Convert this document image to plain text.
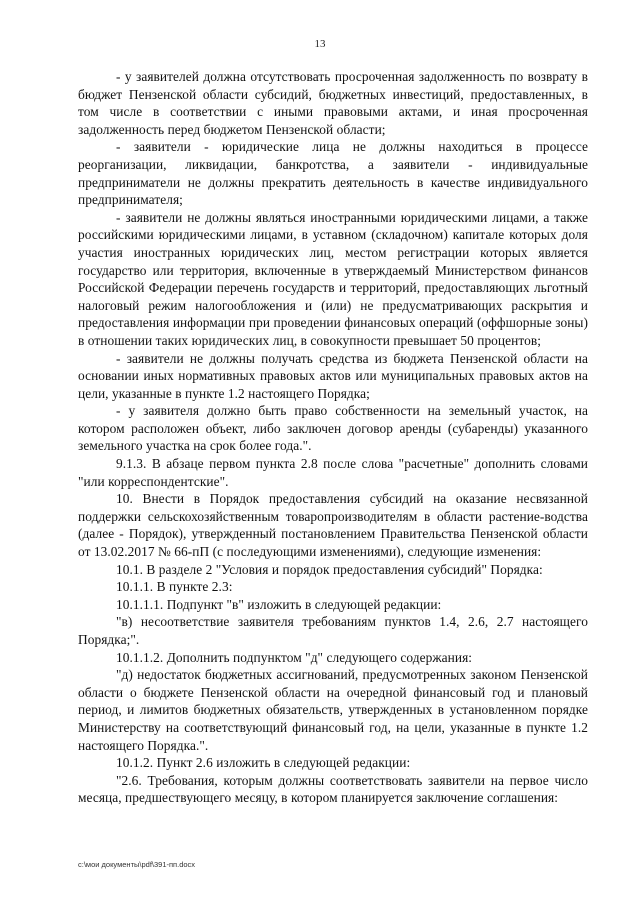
13

- у заявителей должна отсутствовать просроченная задолженность по возврату в бюджет Пензенской области субсидий, бюджетных инвестиций, предоставленных, в том числе в соответствии с иными правовыми актами, и иная просроченная задолженность перед бюджетом Пензенской области;

- заявители - юридические лица не должны находиться в процессе реорганизации, ликвидации, банкротства, а заявители - индивидуальные предприниматели не должны прекратить деятельность в качестве индивидуального предпринимателя;

- заявители не должны являться иностранными юридическими лицами, а также российскими юридическими лицами, в уставном (складочном) капитале которых доля участия иностранных юридических лиц, местом регистрации которых является государство или территория, включенные в утверждаемый Министерством финансов Российской Федерации перечень государств и территорий, предоставляющих льготный налоговый режим налогообложения и (или) не предусматривающих раскрытия и предоставления информации при проведении финансовых операций (оффшорные зоны) в отношении таких юридических лиц, в совокупности превышает 50 процентов;

- заявители не должны получать средства из бюджета Пензенской области на основании иных нормативных правовых актов или муниципальных правовых актов на цели, указанные в пункте 1.2 настоящего Порядка;

- у заявителя должно быть право собственности на земельный участок, на котором расположен объект, либо заключен договор аренды (субаренды) указанного земельного участка на срок более года.".

9.1.3. В абзаце первом пункта 2.8 после слова "расчетные" дополнить словами "или корреспондентские".

10. Внести в Порядок предоставления субсидий на оказание несвязанной поддержки сельскохозяйственным товаропроизводителям в области растение-водства (далее - Порядок), утвержденный постановлением Правительства Пензенской области от 13.02.2017 № 66-пП (с последующими изменениями), следующие изменения:

10.1. В разделе 2 "Условия и порядок предоставления субсидий" Порядка:

10.1.1. В пункте 2.3:

10.1.1.1. Подпункт "в" изложить в следующей редакции:

"в) несоответствие заявителя требованиям пунктов 1.4, 2.6, 2.7 настоящего Порядка;".

10.1.1.2. Дополнить подпунктом "д" следующего содержания:

"д) недостаток бюджетных ассигнований, предусмотренных законом Пензенской области о бюджете Пензенской области на очередной финансовый год и плановый период, и лимитов бюджетных обязательств, утвержденных в установленном порядке Министерству на соответствующий финансовый год, на цели, указанные в пункте 1.2 настоящего Порядка.".

10.1.2. Пункт 2.6 изложить в следующей редакции:

"2.6. Требования, которым должны соответствовать заявители на первое число месяца, предшествующего месяцу, в котором планируется заключение соглашения:

c:\мои документы\pdf\391-пп.docx
